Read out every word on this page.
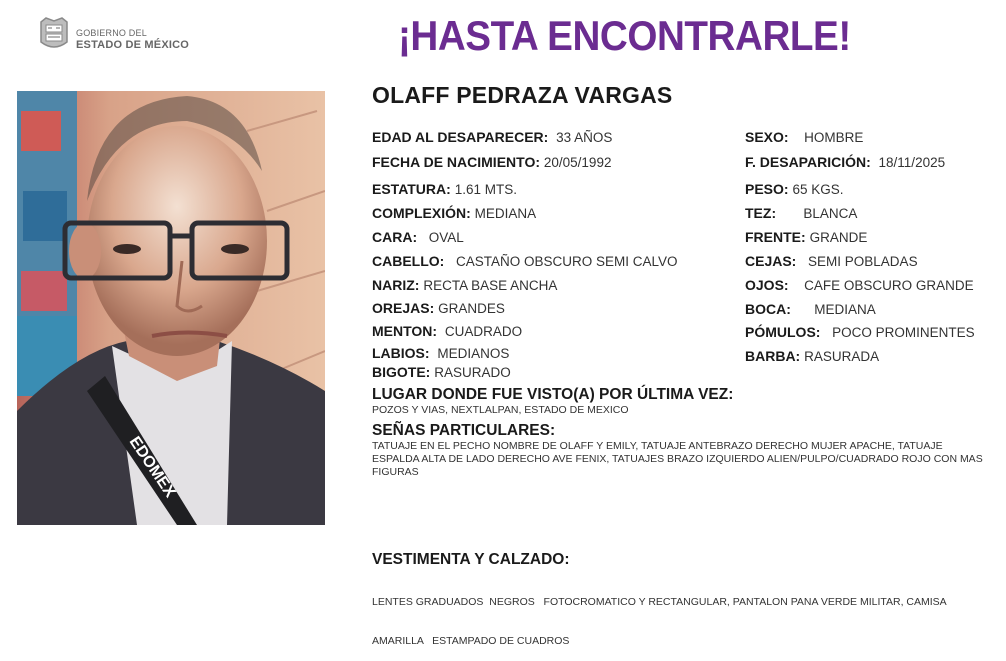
GOBIERNO DEL
ESTADO DE MÉXICO	¡HASTA ENCONTRARLE!
EDOMEX
OLAFF PEDRAZA VARGAS
EDAD AL DESAPARECER: 33 AÑOS
FECHA DE NACIMIENTO: 20/05/1992
ESTATURA: 1.61 MTS.
COMPLEXIÓN: MEDIANA
CARA: OVAL
CABELLO: CASTAÑO OBSCURO SEMI CALVO
NARIZ: RECTA BASE ANCHA
OREJAS: GRANDES
MENTON: CUADRADO
LABIOS: MEDIANOS
BIGOTE: RASURADO
SEXO: HOMBRE
F. DESAPARICIÓN: 18/11/2025
PESO: 65 KGS.
TEZ: BLANCA
FRENTE: GRANDE
CEJAS: SEMI POBLADAS
OJOS: CAFE OBSCURO GRANDE
BOCA: MEDIANA
PÓMULOS: POCO PROMINENTES
BARBA: RASURADA
LUGAR DONDE FUE VISTO(A) POR ÚLTIMA VEZ:
POZOS Y VIAS, NEXTLALPAN, ESTADO DE MEXICO
SEÑAS PARTICULARES:
TATUAJE EN EL PECHO NOMBRE DE OLAFF Y EMILY, TATUAJE ANTEBRAZO DERECHO MUJER APACHE, TATUAJE
ESPALDA ALTA DE LADO DERECHO AVE FENIX, TATUAJES BRAZO IZQUIERDO ALIEN/PULPO/CUADRADO ROJO CON MAS
FIGURAS
VESTIMENTA Y CALZADO:

LENTES GRADUADOS  NEGROS   FOTOCROMATICO Y RECTANGULAR, PANTALON PANA VERDE MILITAR, CAMISA

AMARILLA   ESTAMPADO DE CUADROS
